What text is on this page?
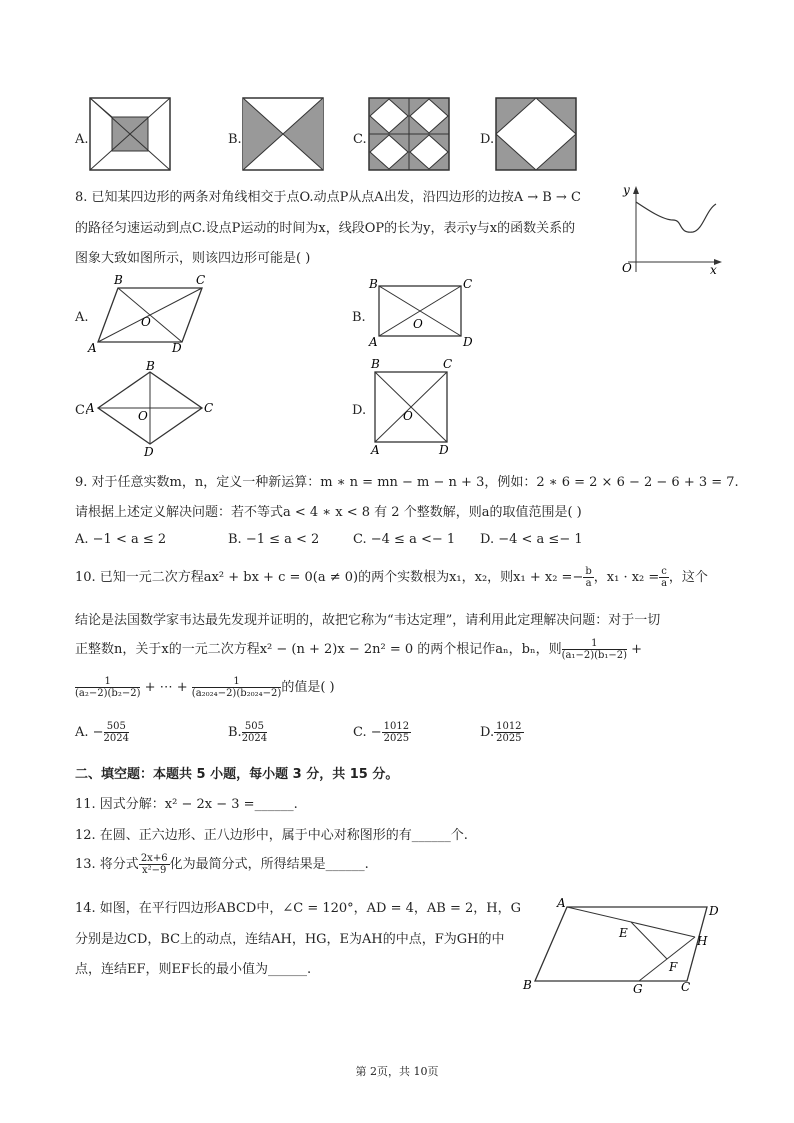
A.	B.	C.	D.
8. 已知某四边形的两条对角线相交于点O.动点P从点A出发，沿四边形的边按A → B → C
的路径匀速运动到点C.设点P运动的时间为x，线段OP的长为y，表示y与x的函数关系的
图象大致如图所示，则该四边形可能是( )
y
x
O
A.
B	C
A	D
O	B.
B	C
A	D
O
C.
B
C
A
D
O	D.
B	C
A	D
O
9. 对于任意实数m，n，定义一种新运算：m ∗ n = mn − m − n + 3，例如：2 ∗ 6 = 2 × 6 − 2 − 6 + 3 = 7.
请根据上述定义解决问题：若不等式a < 4 ∗ x < 8 有 2 个整数解，则a的取值范围是( )
A. −1 < a ≤ 2	B. −1 ≤ a < 2	C. −4 ≤ a <− 1 D. −4 < a ≤− 1
10. 已知一元二次方程ax² + bx + c = 0(a ≠ 0)的两个实数根为x₁，x₂，则$x_1 + x_2 =- \frac{b}{a}$ ，$x_1 \cdot x_2 = \frac{c}{a}$ ，这个
结论是法国数学家韦达最先发现并证明的，故把它称为“韦达定理”，请利用此定理解决问题：对于一切
正整数n，关于x的一元二次方程x² − (n + 2)x − 2n² = 0 的两个根记作aₙ，bₙ，则 $\frac{1}{\text{(a₁−2)(b₁−2)}}$ +
$\frac{1}{\text{(a₂−2)(b₂−2)}}$ + ⋯ + $\frac{1}{\text{(a₂₀₂₄−2)(b₂₀₂₄−2)}}$ 的值是( )
A. − $\frac{505}{2024}$	B. $\frac{505}{2024}$	C. − $\frac{1012}{2025}$	D. $\frac{1012}{2025}$
二、填空题：本题共 5 小题，每小题 3 分，共 15 分。
11. 因式分解：x² − 2x − 3 =______.
12. 在圆、正六边形、正八边形中，属于中心对称图形的有______个.
13. 将分式 $\frac{2x+6}{\text{x²−9}}$ 化为最简分式，所得结果是______.
14. 如图，在平行四边形ABCD中，∠C = 120°，AD = 4，AB = 2，H，G
分别是边CD，BC上的动点，连结AH，HG，E为AH的中点，F为GH的中
点，连结EF，则EF长的最小值为______.
A
D
E
H
F
B	G	C
第 2页，共 10页
